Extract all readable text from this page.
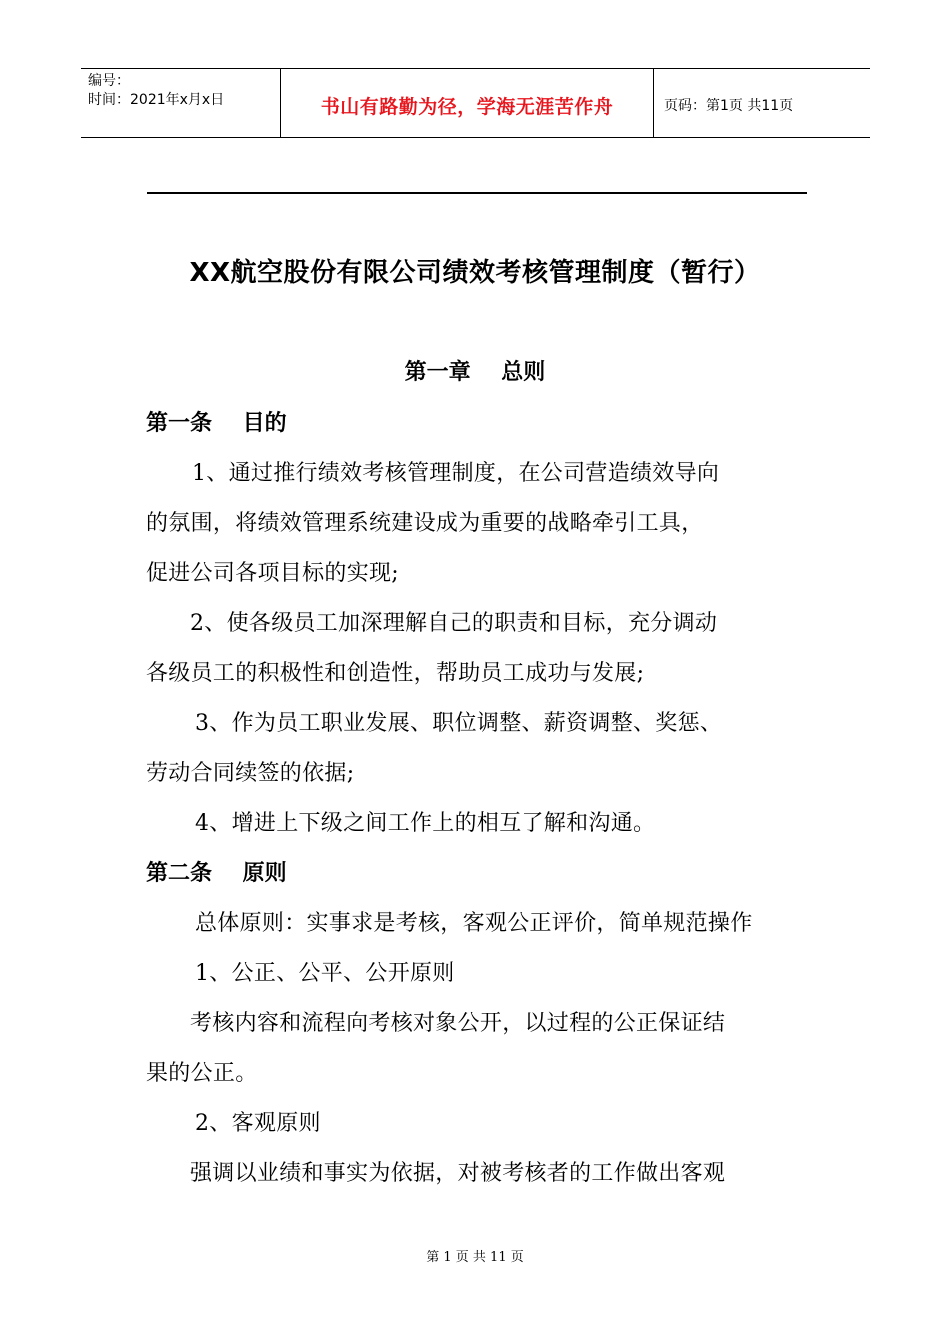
编号：
时间：2021年x月x日	书山有路勤为径，学海无涯苦作舟	页码：第1页 共11页
XX航空股份有限公司绩效考核管理制度（暂行）
第一章    总则
第一条    目的
1、通过推行绩效考核管理制度，在公司营造绩效导向
的氛围，将绩效管理系统建设成为重要的战略牵引工具，
促进公司各项目标的实现;
2、使各级员工加深理解自己的职责和目标，充分调动
各级员工的积极性和创造性，帮助员工成功与发展;
3、作为员工职业发展、职位调整、薪资调整、奖惩、
劳动合同续签的依据;
4、增进上下级之间工作上的相互了解和沟通。
第二条    原则
总体原则：实事求是考核，客观公正评价，简单规范操作
1、公正、公平、公开原则
考核内容和流程向考核对象公开，以过程的公正保证结
果的公正。
2、客观原则
强调以业绩和事实为依据，对被考核者的工作做出客观
第 1 页 共 11 页
